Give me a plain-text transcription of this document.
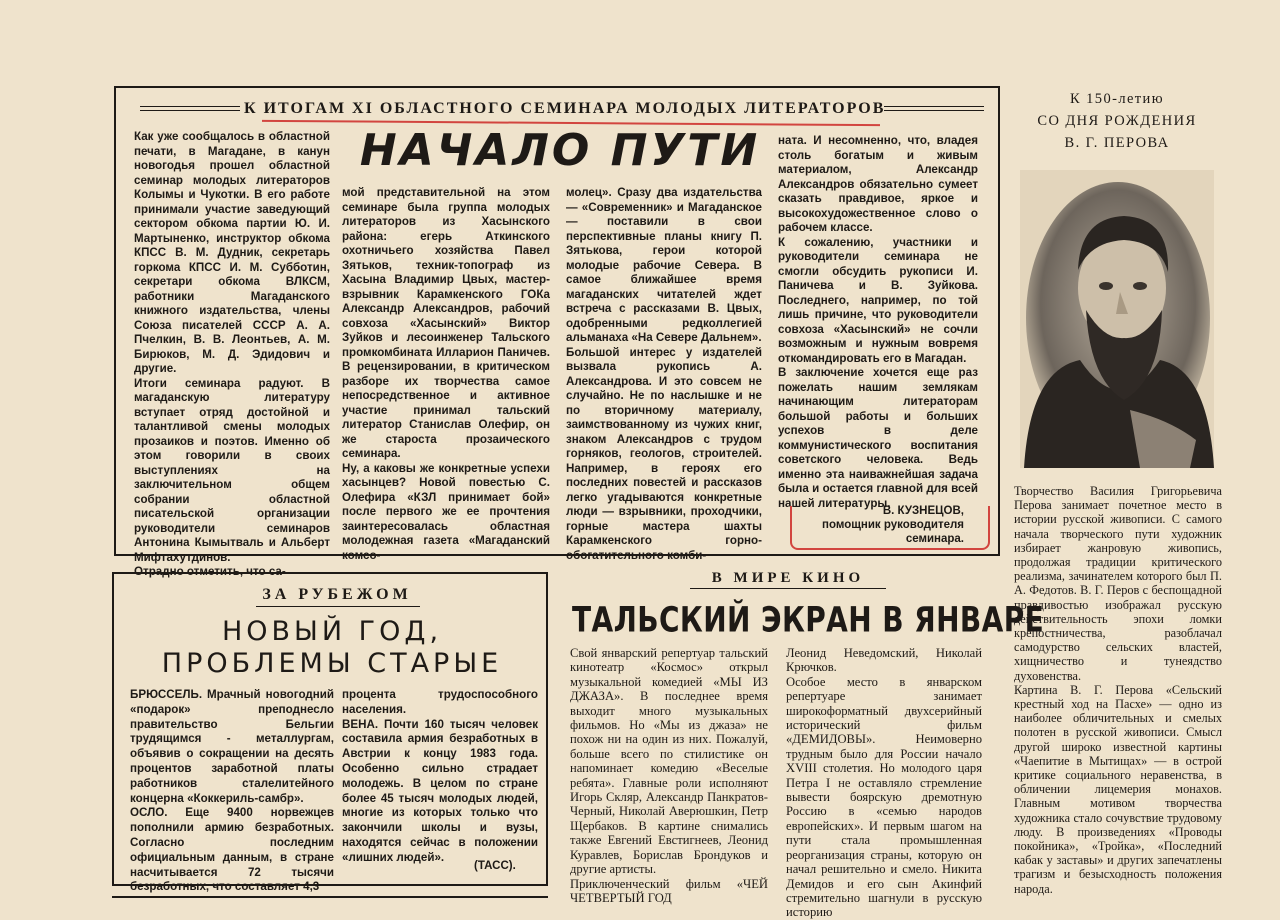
К ИТОГАМ XI ОБЛАСТНОГО СЕМИНАРА МОЛОДЫХ ЛИТЕРАТОРОВ
НАЧАЛО ПУТИ
Как уже сообщалось в областной печати, в Магадане, в канун новогодья прошел областной семинар молодых литераторов Колымы и Чукотки. В его работе принимали участие заведующий сектором обкома партии Ю. И. Мартыненко, инструктор обкома КПСС В. М. Дудник, секретарь горкома КПСС И. М. Субботин, секретари обкома ВЛКСМ, работники Магаданского книжного издательства, члены Союза писателей СССР А. А. Пчелкин, В. В. Леонтьев, А. М. Бирюков, М. Д. Эдидович и другие.
Итоги семинара радуют. В магаданскую литературу вступает отряд достойной и талантливой смены молодых прозаиков и поэтов. Именно об этом говорили в своих выступлениях на заключительном общем собрании областной писательской организации руководители семинаров Антонина Кымытваль и Альберт Мифтахутдинов.
Отрадно отметить, что са-
мой представительной на этом семинаре была группа молодых литераторов из Хасынского района: егерь Аткинского охотничьего хозяйства Павел Зятьков, техник-топограф из Хасына Владимир Цвых, мастер-взрывник Карамкенского ГОКа Александр Александров, рабочий совхоза «Хасынский» Виктор Зуйков и лесоинженер Тальского промкомбината Илларион Паничев. В рецензировании, в критическом разборе их творчества самое непосредственное и активное участие принимал тальский литератор Станислав Олефир, он же староста прозаического семинара.
Ну, а каковы же конкретные успехи хасынцев? Новой повестью С. Олефира «КЗЛ принимает бой» после первого же ее прочтения заинтересовалась областная молодежная газета «Магаданский комсо-
молец». Сразу два издательства — «Современник» и Магаданское — поставили в свои перспективные планы книгу П. Зятькова, герои которой молодые рабочие Севера. В самое ближайшее время магаданских читателей ждет встреча с рассказами В. Цвых, одобренными редколлегией альманаха «На Севере Дальнем».
Большой интерес у издателей вызвала рукопись А. Александрова. И это совсем не случайно. Не по наслышке и не по вторичному материалу, заимствованному из чужих книг, знаком Александров с трудом горняков, геологов, строителей. Например, в героях его последних повестей и рассказов легко угадываются конкретные люди — взрывники, проходчики, горные мастера шахты Карамкенского горно-обогатительного комби-
ната. И несомненно, что, владея столь богатым и живым материалом, Александр Александров обязательно сумеет сказать правдивое, яркое и высокохудожественное слово о рабочем классе.
К сожалению, участники и руководители семинара не смогли обсудить рукописи И. Паничева и В. Зуйкова. Последнего, например, по той лишь причине, что руководители совхоза «Хасынский» не сочли возможным и нужным вовремя откомандировать его в Магадан.
В заключение хочется еще раз пожелать нашим землякам начинающим литераторам большой работы и больших успехов в деле коммунистического воспитания советского человека. Ведь именно эта наиважнейшая задача была и остается главной для всей нашей литературы.
В. КУЗНЕЦОВ,
помощник руководителя
семинара.
К 150-летию
СО ДНЯ РОЖДЕНИЯ
В. Г. ПЕРОВА
Творчество Василия Григорьевича Перова занимает почетное место в истории русской живописи. С самого начала творческого пути художник избирает жанровую живопись, продолжая традиции критического реализма, зачинателем которого был П. А. Федотов. В. Г. Перов с беспощадной правдивостью изображал русскую действительность эпохи ломки крепостничества, разоблачал самодурство сельских властей, хищничество и тунеядство духовенства.
Картина В. Г. Перова «Сельский крестный ход на Пасхе» — одно из наиболее обличительных и смелых полотен в русской живописи. Смысл другой широко известной картины «Чаепитие в Мытищах» — в острой критике социального неравенства, в обличении лицемерия монахов. Главным мотивом творчества художника стало сочувствие трудовому люду. В произведениях «Проводы покойника», «Тройка», «Последний кабак у заставы» и других запечатлены трагизм и безысходность положения народа.
ЗА РУБЕЖОМ
НОВЫЙ ГОД,
ПРОБЛЕМЫ СТАРЫЕ
БРЮССЕЛЬ. Мрачный новогодний «подарок» преподнесло правительство Бельгии трудящимся - металлургам, объявив о сокращении на десять процентов заработной платы работников сталелитейного концерна «Коккериль-самбр».
ОСЛО. Еще 9400 норвежцев пополнили армию безработных. Согласно последним официальным данным, в стране насчитывается 72 тысячи безработных, что составляет 4,3
процента трудоспособного населения.
ВЕНА. Почти 160 тысяч человек составила армия безработных в Австрии к концу 1983 года. Особенно сильно страдает молодежь. В целом по стране более 45 тысяч молодых людей, многие из которых только что закончили школы и вузы, находятся сейчас в положении «лишних людей».
(ТАСС).
В МИРЕ КИНО
ТАЛЬСКИЙ ЭКРАН В ЯНВАРЕ
Свой январский репертуар тальский кинотеатр «Космос» открыл музыкальной комедией «МЫ ИЗ ДЖАЗА». В последнее время выходит много музыкальных фильмов. Но «Мы из джаза» не похож ни на один из них. Пожалуй, больше всего по стилистике он напоминает комедию «Веселые ребята». Главные роли исполняют Игорь Скляр, Александр Панкратов-Черный, Николай Аверюшкин, Петр Щербаков. В картине снимались также Евгений Евстигнеев, Леонид Куравлев, Борислав Брондуков и другие артисты.
Приключенческий фильм «ЧЕЙ ЧЕТВЕРТЫЙ ГОД
Леонид Неведомский, Николай Крючков.
Особое место в январском репертуаре занимает широкоформатный двухсерийный исторический фильм «ДЕМИДОВЫ». Неимоверно трудным было для России начало XVIII столетия. Но молодого царя Петра I не оставляло стремление вывести боярскую дремотную Россию в «семью народов европейских». И первым шагом на пути стала промышленная реорганизация страны, которую он начал решительно и смело. Никита Демидов и его сын Акинфий стремительно шагнули в русскую историю
